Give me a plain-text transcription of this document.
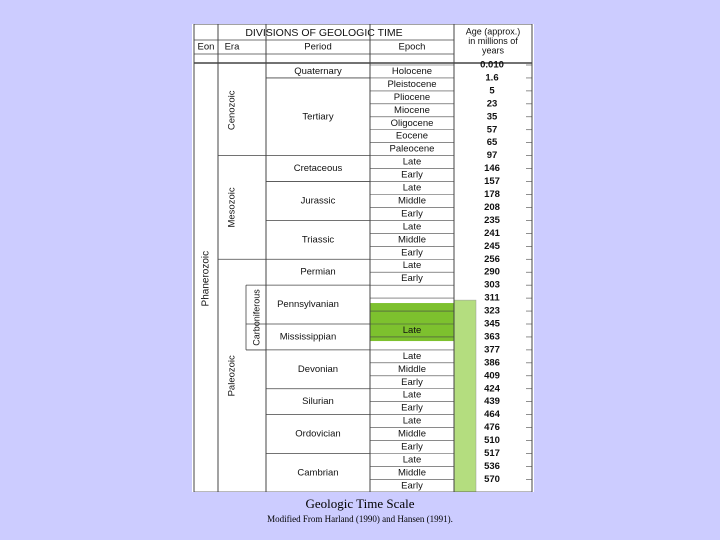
DIVISIONS OF GEOLOGIC TIME
Eon Era	Period	Epoch
Age (approx.)
in millions of
years
Holocene
Pleistocene
Pliocene
Miocene
Oligocene
Eocene
Paleocene
Late
Early
Late
Middle
Early
Late
Middle
Early
Late
Early
Late
Late
Middle
Early
Late
Early
Late
Middle
Early
Late
Middle
Early
0.010
1.6
5
23
35
57
65
97
146
157
178
208
235
241
245
256
290
303
311
323
345
363
377
386
409
424
439
464
476
510
517
536
570
Quaternary
Tertiary
Cretaceous
Jurassic
Triassic
Permian
Pennsylvanian
Mississippian
Devonian
Silurian
Ordovician
Cambrian
Carboniferous
Cenozoic
Mesozoic
Paleozoic
Phanerozoic
Geologic Time Scale
Modified From Harland (1990) and Hansen (1991).
